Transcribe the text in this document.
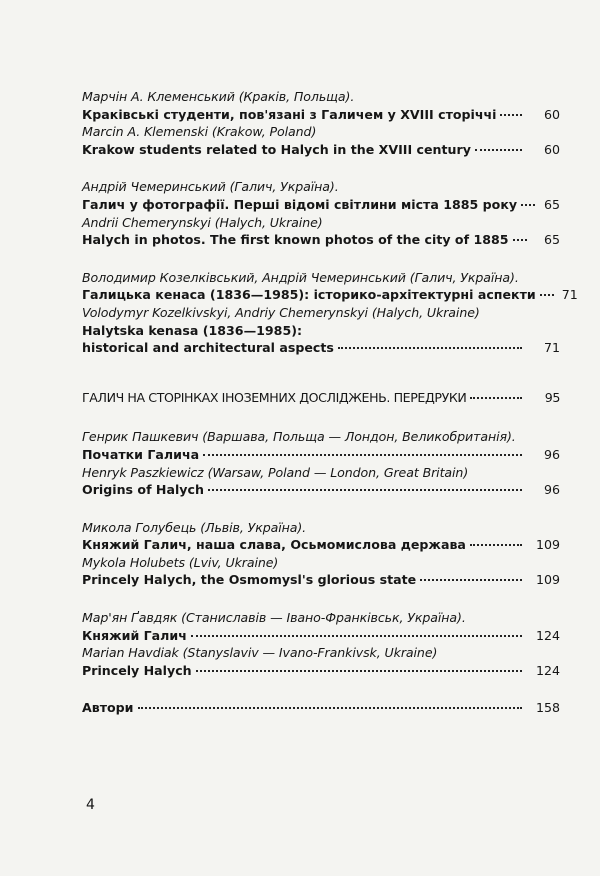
Марчін А. Клеменський (Краків, Польща).
Краківські студенти, пов'язані з Галичем у XVIII сторіччі	60
Marcin A. Klemenski (Krakow, Poland)
Krakow students related to Halych in the XVIII century	60
Андрій Чемеринський (Галич, Україна).
Галич у фотографії. Перші відомі світлини міста 1885 року 65
Andrii Chemerynskyi (Halych, Ukraine)
Halych in photos. The first known photos of the city of 1885	65
Володимир Козелківський, Андрій Чемеринський (Галич, Україна).
Галицька кенаса (1836—1985): історико-архітектурні аспекти 71
Volodymyr Kozelkivskyi, Andriy Chemerynskyi (Halych, Ukraine)
Halytska kenasa (1836—1985):
historical and architectural aspects	71
ГАЛИЧ НА СТОРІНКАХ ІНОЗЕМНИХ ДОСЛІДЖЕНЬ. ПЕРЕДРУКИ	95
Генрик Пашкевич (Варшава, Польща — Лондон, Великобританія).
Початки Галича	96
Henryk Paszkiewicz (Warsaw, Poland — London, Great Britain)
Origins of Halych	96
Микола Голубець (Львів, Україна).
Княжий Галич, наша слава, Осьмомислова держава	109
Mykola Holubets (Lviv, Ukraine)
Princely Halych, the Osmomysl's glorious state	109
Мар'ян Ґавдяк (Станиславів — Івано-Франківськ, Україна).
Княжий Галич	124
Marian Havdiak (Stanyslaviv — Ivano-Frankivsk, Ukraine)
Princely Halych	124
Автори	158
4
